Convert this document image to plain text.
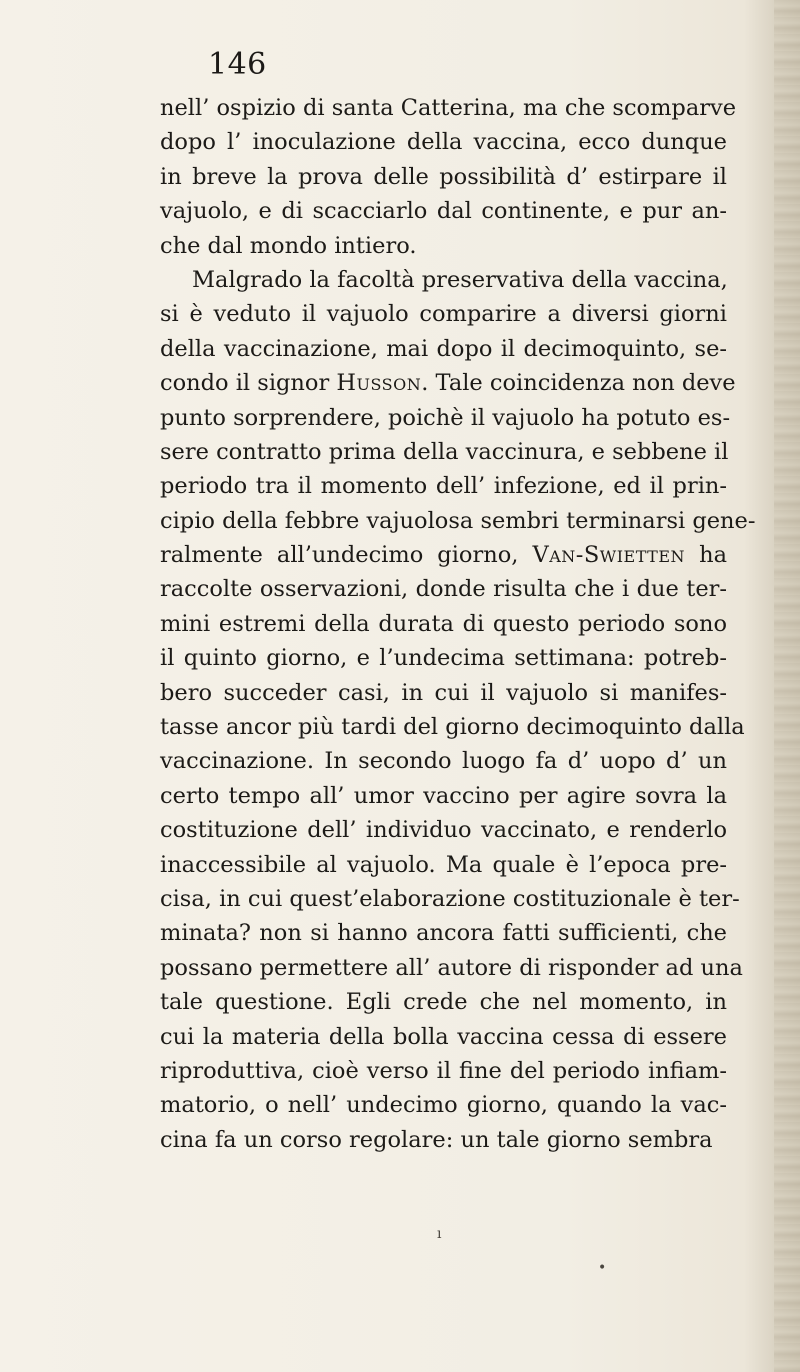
146
nell’ ospizio di santa Catterina, ma che scomparve
dopo l’ inoculazione della vaccina, ecco dunque
in breve la prova delle possibilità d’ estirpare il
vajuolo, e di scacciarlo dal continente, e pur an-
che dal mondo intiero.
Malgrado la facoltà preservativa della vaccina,
si è veduto il vajuolo comparire a diversi giorni
della vaccinazione, mai dopo il decimoquinto, se-
condo il signor Husson. Tale coincidenza non deve
punto sorprendere, poichè il vajuolo ha potuto es-
sere contratto prima della vaccinura, e sebbene il
periodo tra il momento dell’ infezione, ed il prin-
cipio della febbre vajuolosa sembri terminarsi gene-
ralmente all’undecimo giorno, Van-Swietten ha
raccolte osservazioni, donde risulta che i due ter-
mini estremi della durata di questo periodo sono
il quinto giorno, e l’undecima settimana: potreb-
bero succeder casi, in cui il vajuolo si manifes-
tasse ancor più tardi del giorno decimoquinto dalla
vaccinazione. In secondo luogo fa d’ uopo d’ un
certo tempo all’ umor vaccino per agire sovra la
costituzione dell’ individuo vaccinato, e renderlo
inaccessibile al vajuolo. Ma quale è l’epoca pre-
cisa, in cui quest’elaborazione costituzionale è ter-
minata? non si hanno ancora fatti sufficienti, che
possano permettere all’ autore di risponder ad una
tale questione. Egli crede che nel momento, in
cui la materia della bolla vaccina cessa di essere
riproduttiva, cioè verso il fine del periodo infiam-
matorio, o nell’ undecimo giorno, quando la vac-
cina fa un corso regolare: un tale giorno sembra
ı
•
